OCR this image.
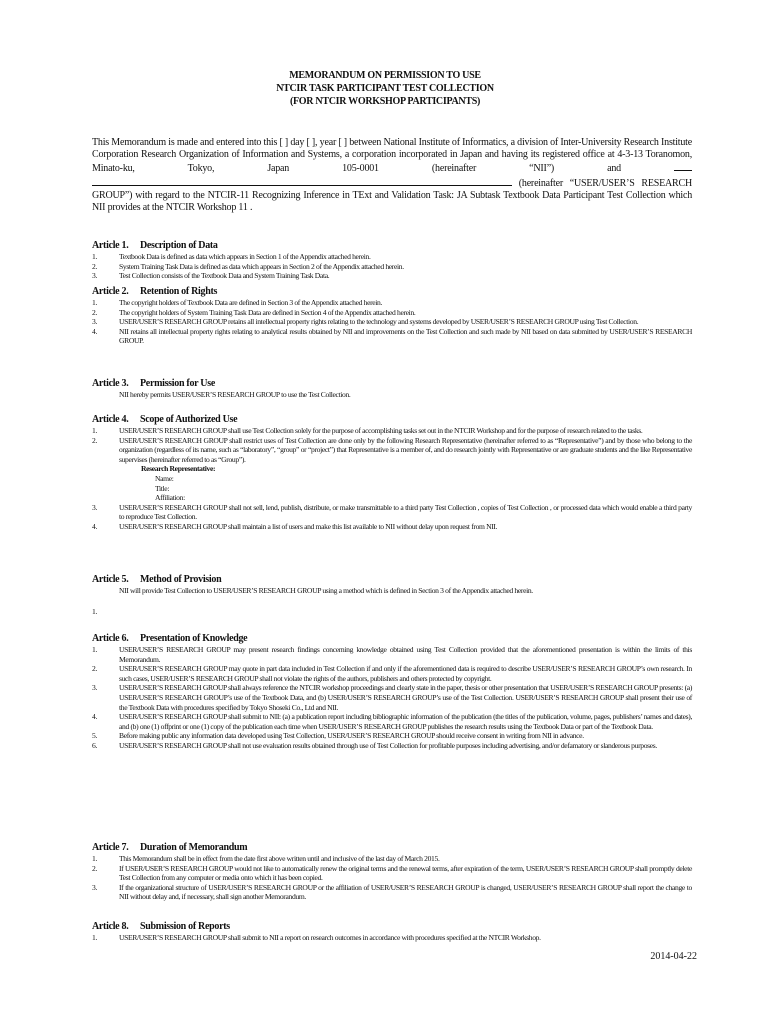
MEMORANDUM ON PERMISSION TO USE
NTCIR TASK PARTICIPANT TEST COLLECTION
(FOR NTCIR WORKSHOP PARTICIPANTS)
This Memorandum is made and entered into this [ ] day [ ], year [ ] between National Institute of Informatics, a division of Inter-University Research Institute Corporation Research Organization of Information and Systems, a corporation incorporated in Japan and having its registered office at 4-3-13 Toranomon, Minato-ku, Tokyo, Japan 105-0001 (hereinafter “NII”) and   (hereinafter “USER/USER’S RESEARCH GROUP”) with regard to the NTCIR-11 Recognizing Inference in TExt and Validation Task: JA Subtask Textbook Data Participant Test Collection which NII provides at the NTCIR Workshop 11 .
Article 1. Description of Data
1.	Textbook Data is defined as data which appears in Section 1 of the Appendix attached herein.
2.	System Training Task Data is defined as data which appears in Section 2 of the Appendix attached herein.
3.	Test Collection consists of the Textbook Data and System Training Task Data.
Article 2. Retention of Rights
1.	The copyright holders of Textbook Data are defined in Section 3 of the Appendix attached herein.
2.	The copyright holders of System Training Task Data are defined in Section 4 of the Appendix attached herein.
3.	USER/USER’S RESEARCH GROUP retains all intellectual property rights relating to the technology and systems developed by USER/USER’S RESEARCH GROUP using Test Collection.
4.	NII retains all intellectual property rights relating to analytical results obtained by NII and improvements on the Test Collection and such made by NII based on data submitted by USER/USER’S RESEARCH GROUP.
Article 3. Permission for Use
NII hereby permits USER/USER’S RESEARCH GROUP to use the Test Collection.
Article 4. Scope of Authorized Use
1.	USER/USER’S RESEARCH GROUP shall use Test Collection solely for the purpose of accomplishing tasks set out in the NTCIR Workshop and for the purpose of research related to the tasks.
2.	USER/USER’S RESEARCH GROUP shall restrict uses of Test Collection are done only by the following Research Representative (hereinafter referred to as “Representative”) and by those who belong to the organization (regardless of its name, such as “laboratory”, “group” or “project”) that Representative is a member of, and do research jointly with Representative or are graduate students and the like Representative supervises (hereinafter referred to as “Group”).
Research Representative:
Name:
Title:
Affiliation:
3.	USER/USER’S RESEARCH GROUP shall not sell, lend, publish, distribute, or make transmittable to a third party Test Collection , copies of Test Collection , or processed data which would enable a third party to reproduce Test Collection.
4.	USER/USER’S RESEARCH GROUP shall maintain a list of users and make this list available to NII without delay upon request from NII.
Article 5. Method of Provision
NII will provide Test Collection to USER/USER’S RESEARCH GROUP using a method which is defined in Section 3 of the Appendix attached herein.
1.
Article 6. Presentation of Knowledge
1.	USER/USER’S RESEARCH GROUP may present research findings concerning knowledge obtained using Test Collection provided that the aforementioned presentation is within the limits of this Memorandum.
2.	USER/USER’S RESEARCH GROUP may quote in part data included in Test Collection if and only if the aforementioned data is required to describe USER/USER’S RESEARCH GROUP’s own research. In such cases, USER/USER’S RESEARCH GROUP shall not violate the rights of the authors, publishers and others protected by copyright.
3.	USER/USER’S RESEARCH GROUP shall always reference the NTCIR workshop proceedings and clearly state in the paper, thesis or other presentation that USER/USER’S RESEARCH GROUP presents: (a) USER/USER’S RESEARCH GROUP’s use of the Textbook Data, and (b) USER/USER’S RESEARCH GROUP’s use of the Test Collection. USER/USER’S RESEARCH GROUP shall present their use of the Textbook Data with procedures specified by Tokyo Shoseki Co., Ltd and NII.
4.	USER/USER’S RESEARCH GROUP shall submit to NII: (a) a publication report including bibliographic information of the publication (the titles of the publication, volume, pages, publishers’ names and dates), and (b) one (1) offprint or one (1) copy of the publication each time when USER/USER’S RESEARCH GROUP publishes the research results using the Textbook Data or part of the Textbook Data.
5.	Before making public any information data developed using Test Collection, USER/USER’S RESEARCH GROUP should receive consent in writing from NII in advance.
6.	USER/USER’S RESEARCH GROUP shall not use evaluation results obtained through use of Test Collection for profitable purposes including advertising, and/or defamatory or slanderous purposes.
Article 7. Duration of Memorandum
1.	This Memorandum shall be in effect from the date first above written until and inclusive of the last day of March 2015.
2.	If USER/USER’S RESEARCH GROUP would not like to automatically renew the original terms and the renewal terms, after expiration of the term, USER/USER’S RESEARCH GROUP shall promptly delete Test Collection from any computer or media onto which it has been copied.
3.	If the organizational structure of USER/USER’S RESEARCH GROUP or the affiliation of USER/USER’S RESEARCH GROUP is changed, USER/USER’S RESEARCH GROUP shall report the change to NII without delay and, if necessary, shall sign another Memorandum.
Article 8. Submission of Reports
1.	USER/USER’S RESEARCH GROUP shall submit to NII a report on research outcomes in accordance with procedures specified at the NTCIR Workshop.
2014-04-22
